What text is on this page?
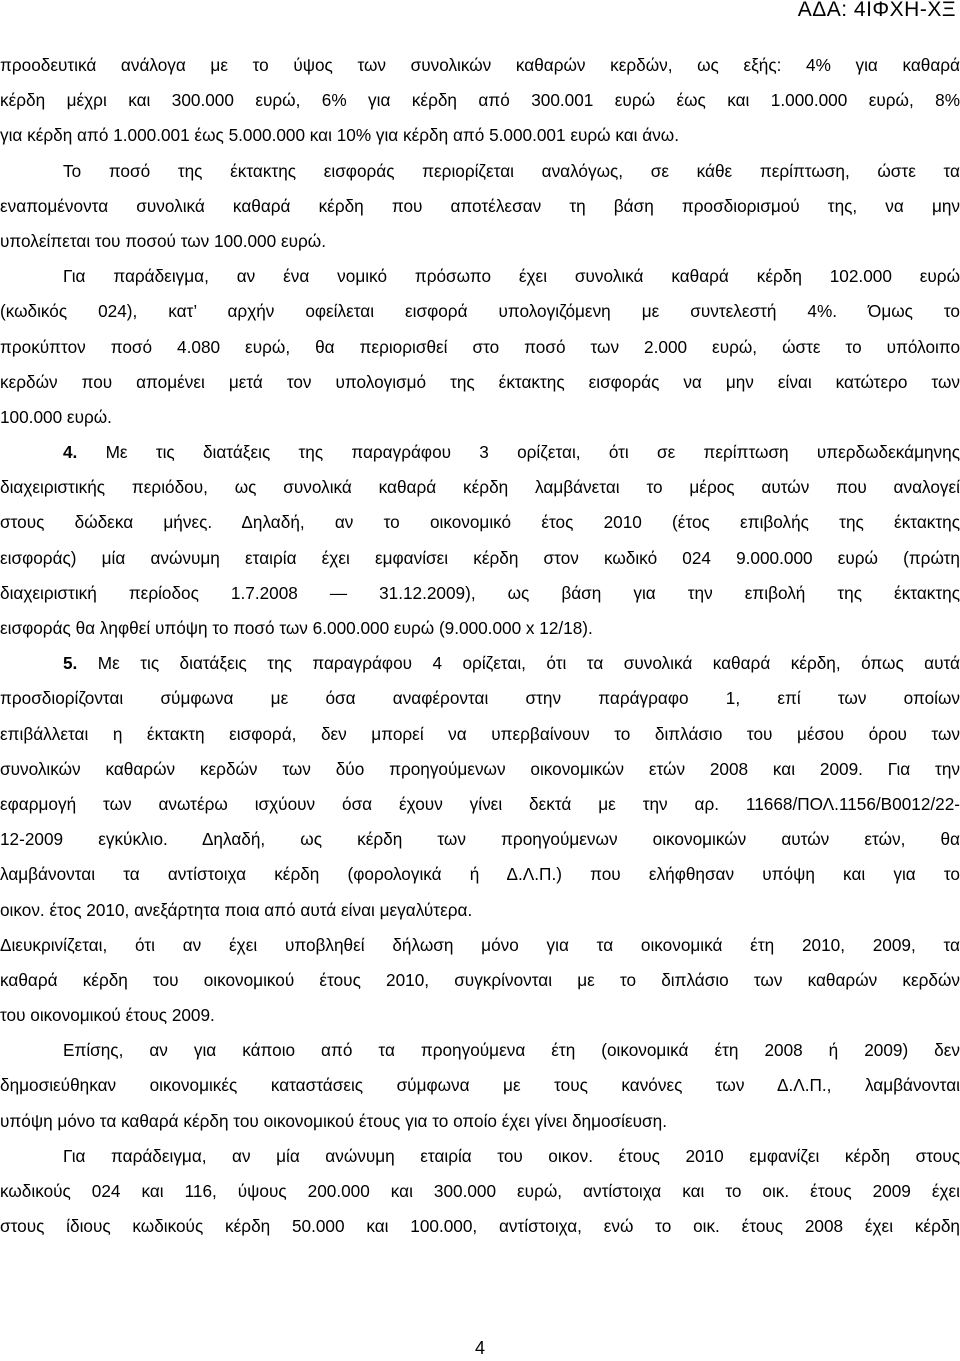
ΑΔΑ: 4ΙΦΧΗ-ΧΞ
προοδευτικά ανάλογα με το ύψος των συνολικών καθαρών κερδών, ως εξής: 4% για καθαρά
κέρδη μέχρι και 300.000 ευρώ, 6% για κέρδη από 300.001 ευρώ έως και 1.000.000 ευρώ, 8%
για κέρδη από 1.000.001 έως 5.000.000 και 10% για κέρδη από 5.000.001 ευρώ και άνω.
Το ποσό της έκτακτης εισφοράς περιορίζεται αναλόγως, σε κάθε περίπτωση, ώστε τα
εναπομένοντα συνολικά καθαρά κέρδη που αποτέλεσαν τη βάση προσδιορισμού της, να μην
υπολείπεται του ποσού των 100.000 ευρώ.
Για παράδειγμα, αν ένα νομικό πρόσωπο έχει συνολικά καθαρά κέρδη 102.000 ευρώ
(κωδικός 024), κατ’ αρχήν οφείλεται εισφορά υπολογιζόμενη με συντελεστή 4%. Όμως το
προκύπτον ποσό 4.080 ευρώ, θα περιορισθεί στο ποσό των 2.000 ευρώ, ώστε το υπόλοιπο
κερδών που απομένει μετά τον υπολογισμό της έκτακτης εισφοράς να μην είναι κατώτερο των
100.000 ευρώ.
4. Με τις διατάξεις της παραγράφου 3 ορίζεται, ότι σε περίπτωση υπερδωδεκάμηνης
διαχειριστικής περιόδου, ως συνολικά καθαρά κέρδη λαμβάνεται το μέρος αυτών που αναλογεί
στους δώδεκα μήνες. Δηλαδή, αν το οικονομικό έτος 2010 (έτος επιβολής της έκτακτης
εισφοράς) μία ανώνυμη εταιρία έχει εμφανίσει κέρδη στον κωδικό 024 9.000.000 ευρώ (πρώτη
διαχειριστική περίοδος 1.7.2008 — 31.12.2009), ως βάση για την επιβολή της έκτακτης
εισφοράς θα ληφθεί υπόψη το ποσό των 6.000.000 ευρώ (9.000.000 x 12/18).
5. Με τις διατάξεις της παραγράφου 4 ορίζεται, ότι τα συνολικά καθαρά κέρδη, όπως αυτά
προσδιορίζονται σύμφωνα με όσα αναφέρονται στην παράγραφο 1, επί των οποίων
επιβάλλεται η έκτακτη εισφορά, δεν μπορεί να υπερβαίνουν το διπλάσιο του μέσου όρου των
συνολικών καθαρών κερδών των δύο προηγούμενων οικονομικών ετών 2008 και 2009. Για την
εφαρμογή των ανωτέρω ισχύουν όσα έχουν γίνει δεκτά με την αρ. 11668/ΠΟΛ.1156/Β0012/22-
12-2009 εγκύκλιο. Δηλαδή, ως κέρδη των προηγούμενων οικονομικών αυτών ετών, θα
λαμβάνονται τα αντίστοιχα κέρδη (φορολογικά ή Δ.Λ.Π.) που ελήφθησαν υπόψη και για το
οικον. έτος 2010, ανεξάρτητα ποια από αυτά είναι μεγαλύτερα.
Διευκρινίζεται, ότι αν έχει υποβληθεί δήλωση μόνο για τα οικονομικά έτη 2010, 2009, τα
καθαρά κέρδη του οικονομικού έτους 2010, συγκρίνονται με το διπλάσιο των καθαρών κερδών
του οικονομικού έτους 2009.
Επίσης, αν για κάποιο από τα προηγούμενα έτη (οικονομικά έτη 2008 ή 2009) δεν
δημοσιεύθηκαν οικονομικές καταστάσεις σύμφωνα με τους κανόνες των Δ.Λ.Π., λαμβάνονται
υπόψη μόνο τα καθαρά κέρδη του οικονομικού έτους για το οποίο έχει γίνει δημοσίευση.
Για παράδειγμα, αν μία ανώνυμη εταιρία του οικον. έτους 2010 εμφανίζει κέρδη στους
κωδικούς 024 και 116, ύψους 200.000 και 300.000 ευρώ, αντίστοιχα και το οικ. έτους 2009 έχει
στους ίδιους κωδικούς κέρδη 50.000 και 100.000, αντίστοιχα, ενώ το οικ. έτους 2008 έχει κέρδη
4
